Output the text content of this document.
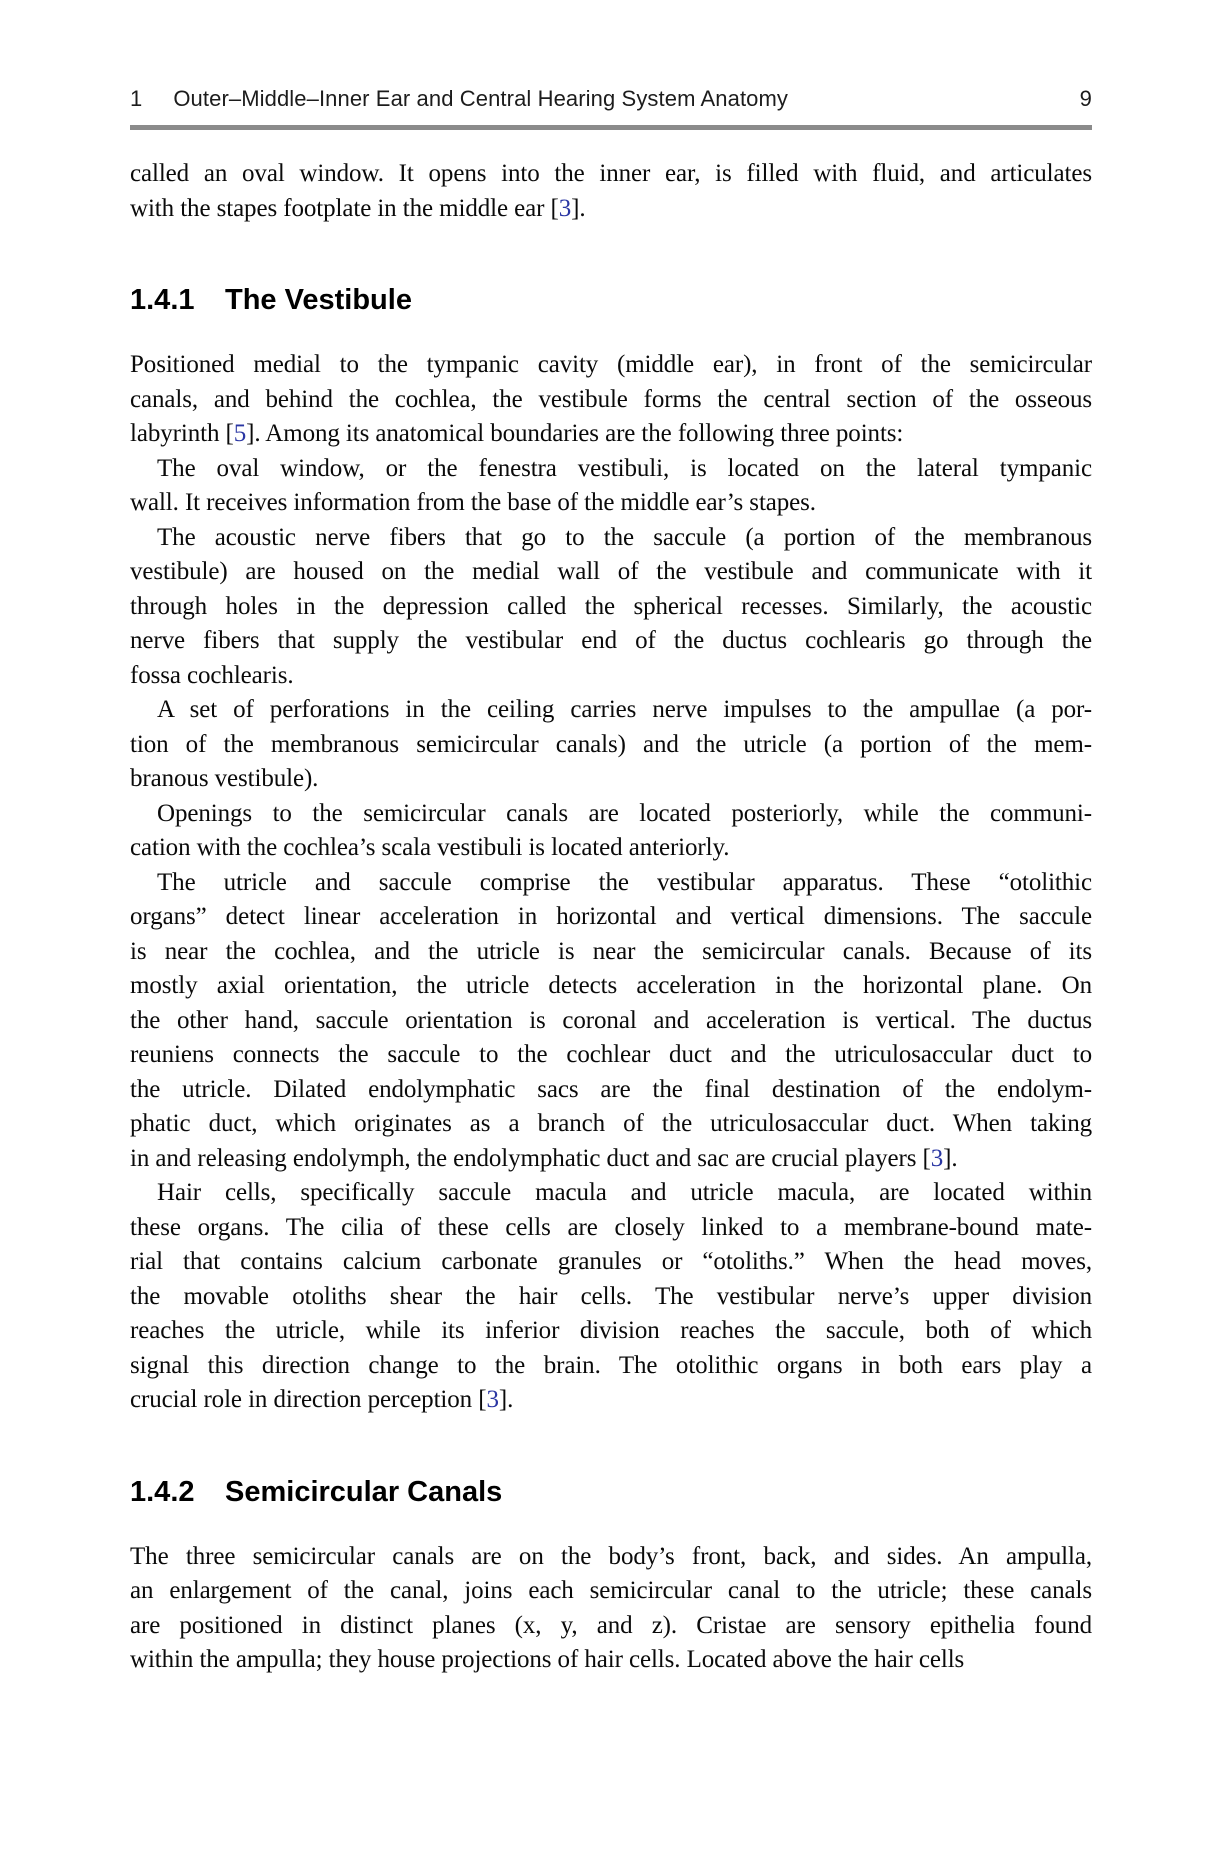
1 Outer–Middle–Inner Ear and Central Hearing System Anatomy	9

called an oval window. It opens into the inner ear, is filled with fluid, and articulates
with the stapes footplate in the middle ear [3].

1.4.1 The Vestibule

Positioned medial to the tympanic cavity (middle ear), in front of the semicircular
canals, and behind the cochlea, the vestibule forms the central section of the osseous
labyrinth [5]. Among its anatomical boundaries are the following three points:

The oval window, or the fenestra vestibuli, is located on the lateral tympanic
wall. It receives information from the base of the middle ear’s stapes.

The acoustic nerve fibers that go to the saccule (a portion of the membranous
vestibule) are housed on the medial wall of the vestibule and communicate with it
through holes in the depression called the spherical recesses. Similarly, the acoustic
nerve fibers that supply the vestibular end of the ductus cochlearis go through the
fossa cochlearis.

A set of perforations in the ceiling carries nerve impulses to the ampullae (a por-
tion of the membranous semicircular canals) and the utricle (a portion of the mem-
branous vestibule).

Openings to the semicircular canals are located posteriorly, while the communi-
cation with the cochlea’s scala vestibuli is located anteriorly.

The utricle and saccule comprise the vestibular apparatus. These “otolithic
organs” detect linear acceleration in horizontal and vertical dimensions. The saccule
is near the cochlea, and the utricle is near the semicircular canals. Because of its
mostly axial orientation, the utricle detects acceleration in the horizontal plane. On
the other hand, saccule orientation is coronal and acceleration is vertical. The ductus
reuniens connects the saccule to the cochlear duct and the utriculosaccular duct to
the utricle. Dilated endolymphatic sacs are the final destination of the endolym-
phatic duct, which originates as a branch of the utriculosaccular duct. When taking
in and releasing endolymph, the endolymphatic duct and sac are crucial players [3].

Hair cells, specifically saccule macula and utricle macula, are located within
these organs. The cilia of these cells are closely linked to a membrane-bound mate-
rial that contains calcium carbonate granules or “otoliths.” When the head moves,
the movable otoliths shear the hair cells. The vestibular nerve’s upper division
reaches the utricle, while its inferior division reaches the saccule, both of which
signal this direction change to the brain. The otolithic organs in both ears play a
crucial role in direction perception [3].

1.4.2 Semicircular Canals

The three semicircular canals are on the body’s front, back, and sides. An ampulla,
an enlargement of the canal, joins each semicircular canal to the utricle; these canals
are positioned in distinct planes (x, y, and z). Cristae are sensory epithelia found
within the ampulla; they house projections of hair cells. Located above the hair cells
